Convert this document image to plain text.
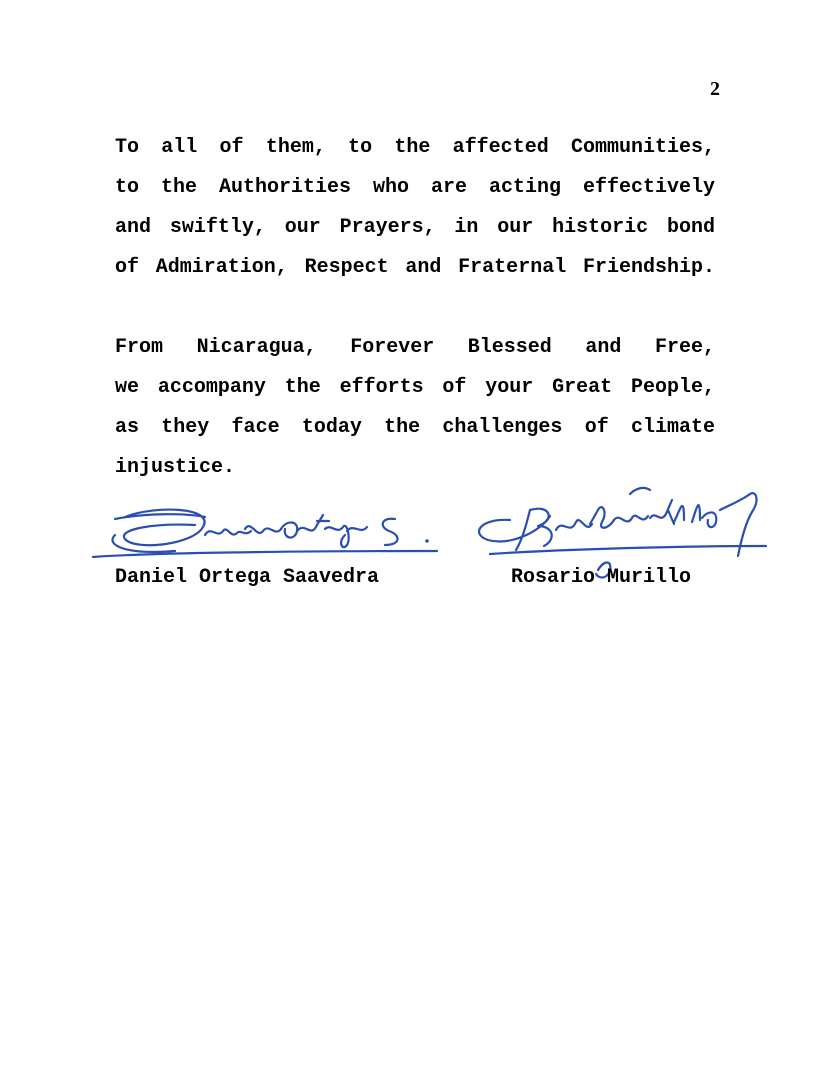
2
To all of them, to the affected Communities,
to the Authorities who are acting effectively
and swiftly, our Prayers, in our historic bond
of Admiration, Respect and Fraternal Friendship.
From Nicaragua, Forever Blessed and Free,
we accompany the efforts of your Great People,
as they face today the challenges of climate
injustice.
Daniel Ortega Saavedra	Rosario Murillo
